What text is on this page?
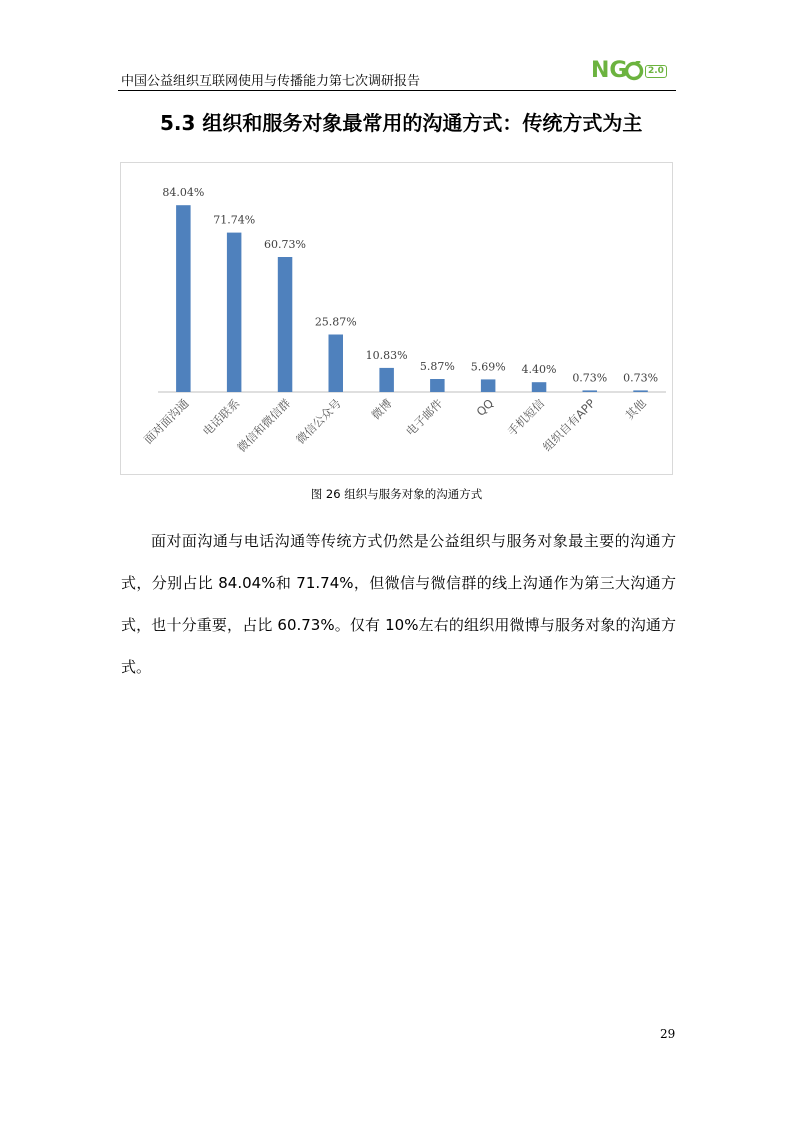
中国公益组织互联网使用与传播能力第七次调研报告	NG	2.0
5.3 组织和服务对象最常用的沟通方式：传统方式为主
84.04%
面对面沟通
71.74%
电话联系
60.73%
微信和微信群
25.87%
微信公众号
10.83%
微博
5.87%
电子邮件
5.69%
QQ
4.40%
手机短信
0.73%
组织自有APP
0.73%
其他
图 26 组织与服务对象的沟通方式

面对面沟通与电话沟通等传统方式仍然是公益组织与服务对象最主要的沟通方式，分别占比 84.04%和 71.74%，但微信与微信群的线上沟通作为第三大沟通方式，也十分重要，占比 60.73%。仅有 10%左右的组织用微博与服务对象的沟通方式。

29
